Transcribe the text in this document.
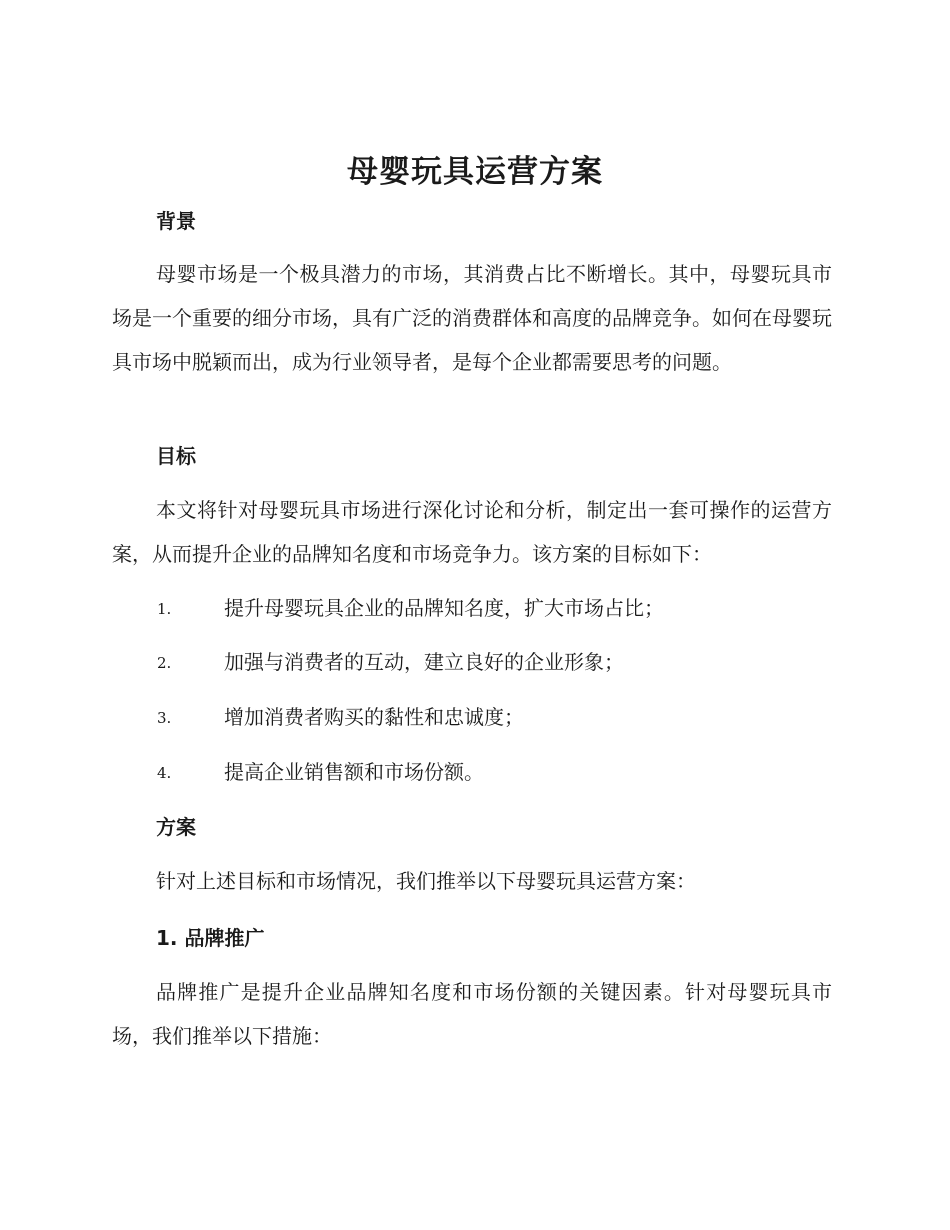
母婴玩具运营方案
背景
母婴市场是一个极具潜力的市场，其消费占比不断增长。其中，母婴玩具市场是一个重要的细分市场，具有广泛的消费群体和高度的品牌竞争。如何在母婴玩具市场中脱颖而出，成为行业领导者，是每个企业都需要思考的问题。
目标
本文将针对母婴玩具市场进行深化讨论和分析，制定出一套可操作的运营方案，从而提升企业的品牌知名度和市场竞争力。该方案的目标如下：
1.	提升母婴玩具企业的品牌知名度，扩大市场占比；
2.	加强与消费者的互动，建立良好的企业形象；
3.	增加消费者购买的黏性和忠诚度；
4.	提高企业销售额和市场份额。
方案
针对上述目标和市场情况，我们推举以下母婴玩具运营方案：
1. 品牌推广
品牌推广是提升企业品牌知名度和市场份额的关键因素。针对母婴玩具市场，我们推举以下措施：
